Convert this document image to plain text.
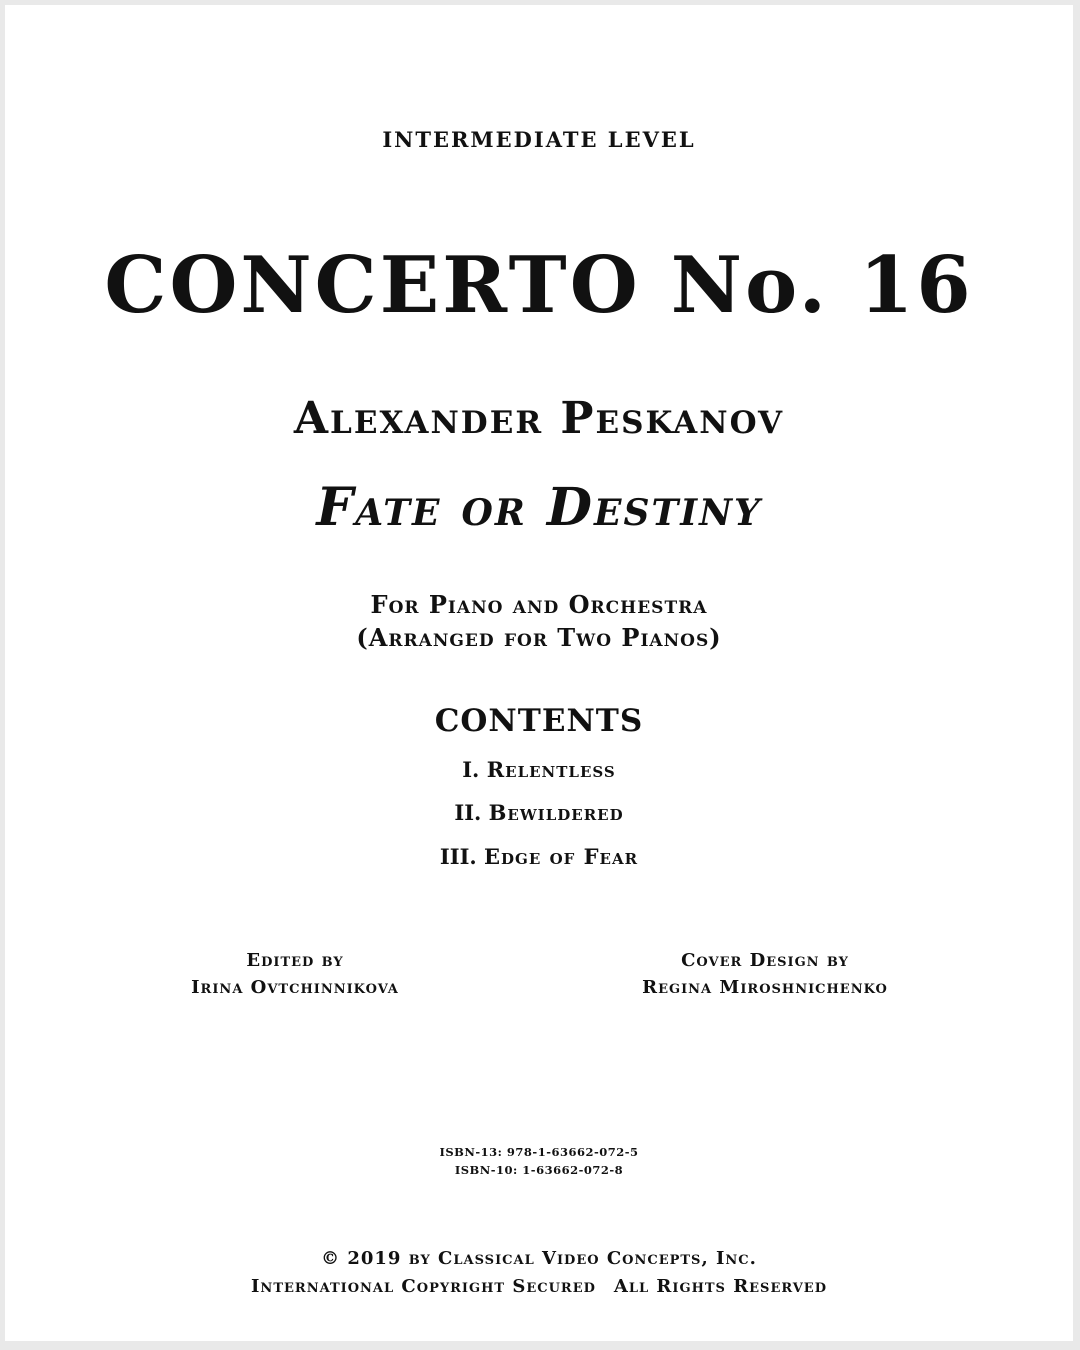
INTERMEDIATE LEVEL
CONCERTO No. 16
Alexander Peskanov
Fate or Destiny
For Piano and Orchestra
(Arranged for Two Pianos)
CONTENTS
I. Relentless
II. Bewildered
III. Edge of Fear
Edited by
Irina Ovtchinnikova
Cover Design by
Regina Miroshnichenko
ISBN-13: 978-1-63662-072-5
ISBN-10: 1-63662-072-8
© 2019 by Classical Video Concepts, Inc.
International Copyright Secured All Rights Reserved
